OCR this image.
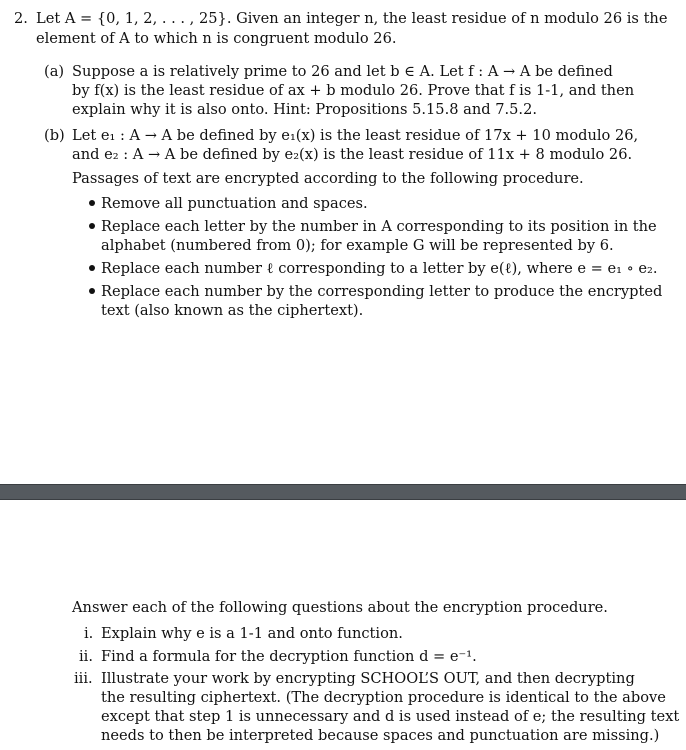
2. Let A = {0, 1, 2, . . . , 25}. Given an integer n, the least residue of n modulo 26 is the
element of A to which n is congruent modulo 26.
(a) Suppose a is relatively prime to 26 and let b ∈ A. Let f : A → A be defined
by f(x) is the least residue of ax + b modulo 26. Prove that f is 1-1, and then
explain why it is also onto. Hint: Propositions 5.15.8 and 7.5.2.
(b) Let e₁ : A → A be defined by e₁(x) is the least residue of 17x + 10 modulo 26,
and e₂ : A → A be defined by e₂(x) is the least residue of 11x + 8 modulo 26.
Passages of text are encrypted according to the following procedure.
Remove all punctuation and spaces.
Replace each letter by the number in A corresponding to its position in the
alphabet (numbered from 0); for example G will be represented by 6.
Replace each number ℓ corresponding to a letter by e(ℓ), where e = e₁ ∘ e₂.
Replace each number by the corresponding letter to produce the encrypted
text (also known as the ciphertext).
Answer each of the following questions about the encryption procedure.
i. Explain why e is a 1-1 and onto function.
ii. Find a formula for the decryption function d = e⁻¹.
iii. Illustrate your work by encrypting SCHOOL’S OUT, and then decrypting
the resulting ciphertext. (The decryption procedure is identical to the above
except that step 1 is unnecessary and d is used instead of e; the resulting text
needs to then be interpreted because spaces and punctuation are missing.)
